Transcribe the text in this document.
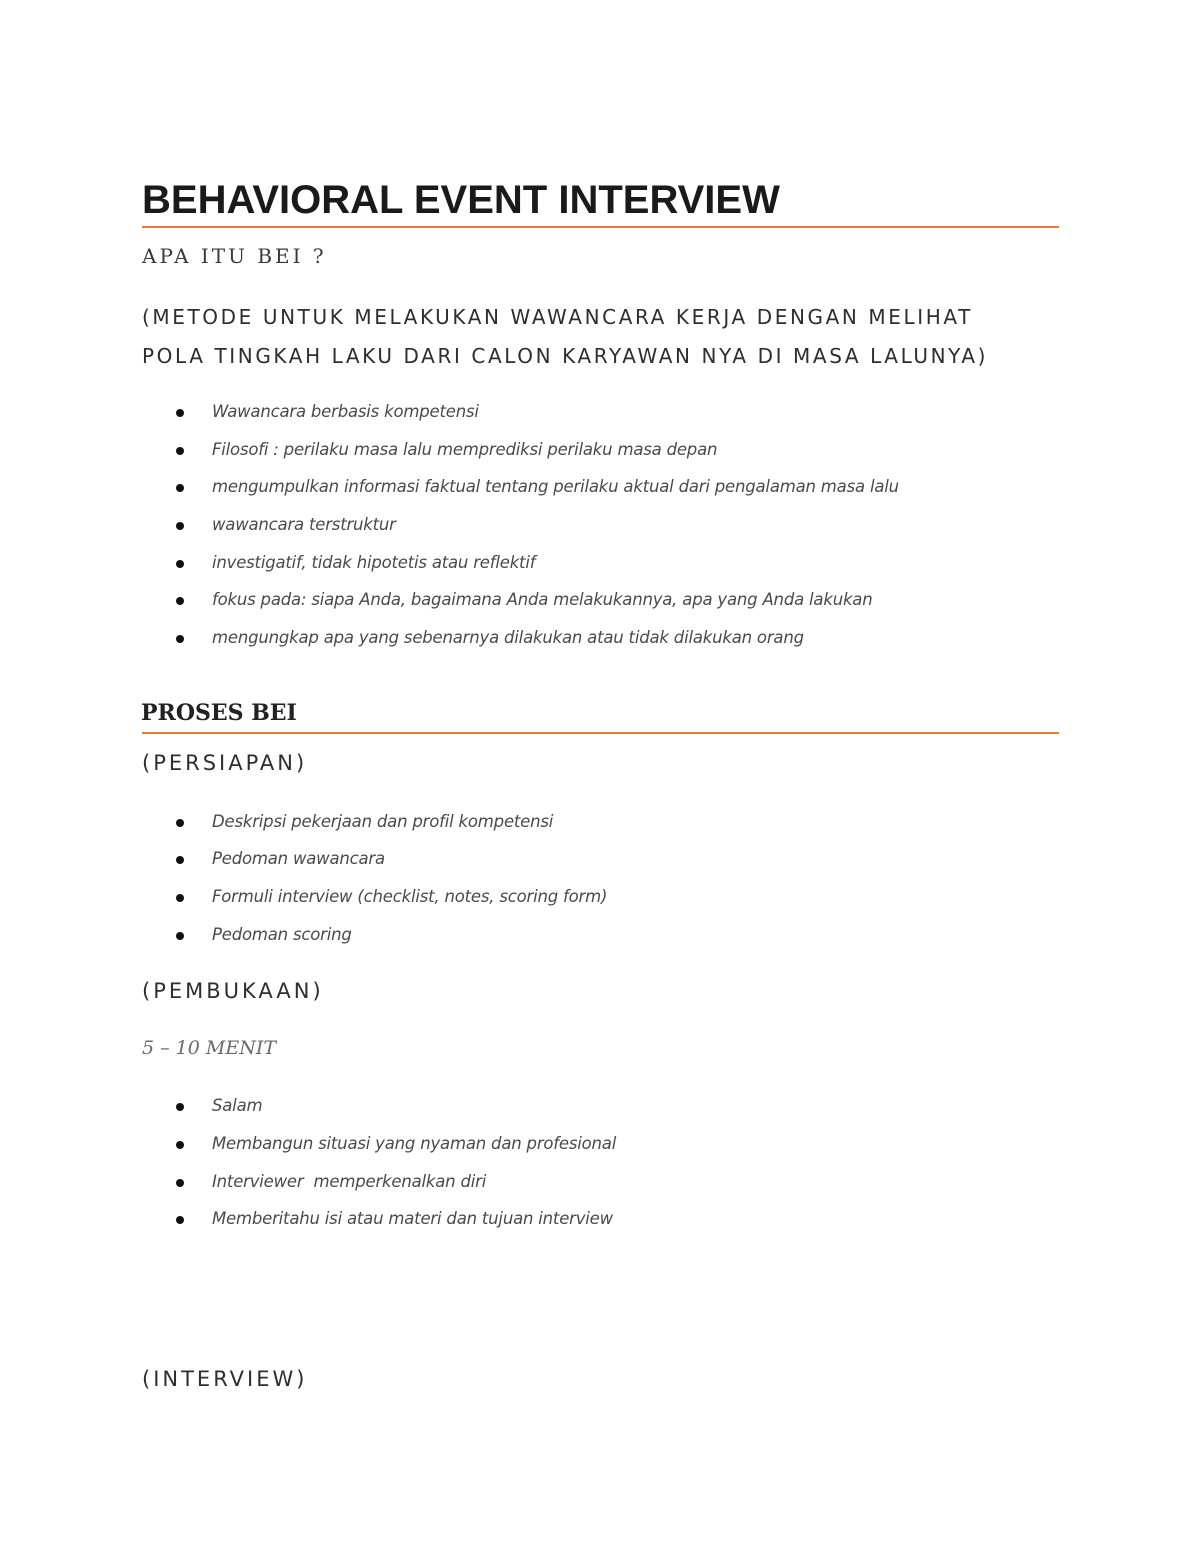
BEHAVIORAL EVENT INTERVIEW
APA ITU BEI ?
(METODE UNTUK MELAKUKAN WAWANCARA KERJA DENGAN MELIHAT
POLA TINGKAH LAKU DARI CALON KARYAWAN NYA DI MASA LALUNYA)
Wawancara berbasis kompetensi
Filosofi : perilaku masa lalu memprediksi perilaku masa depan
mengumpulkan informasi faktual tentang perilaku aktual dari pengalaman masa lalu
wawancara terstruktur
investigatif, tidak hipotetis atau reflektif
fokus pada: siapa Anda, bagaimana Anda melakukannya, apa yang Anda lakukan
mengungkap apa yang sebenarnya dilakukan atau tidak dilakukan orang
PROSES BEI
(PERSIAPAN)
Deskripsi pekerjaan dan profil kompetensi
Pedoman wawancara
Formuli interview (checklist, notes, scoring form)
Pedoman scoring
(PEMBUKAAN)
5 – 10 MENIT
Salam
Membangun situasi yang nyaman dan profesional
Interviewer  memperkenalkan diri
Memberitahu isi atau materi dan tujuan interview
(INTERVIEW)
